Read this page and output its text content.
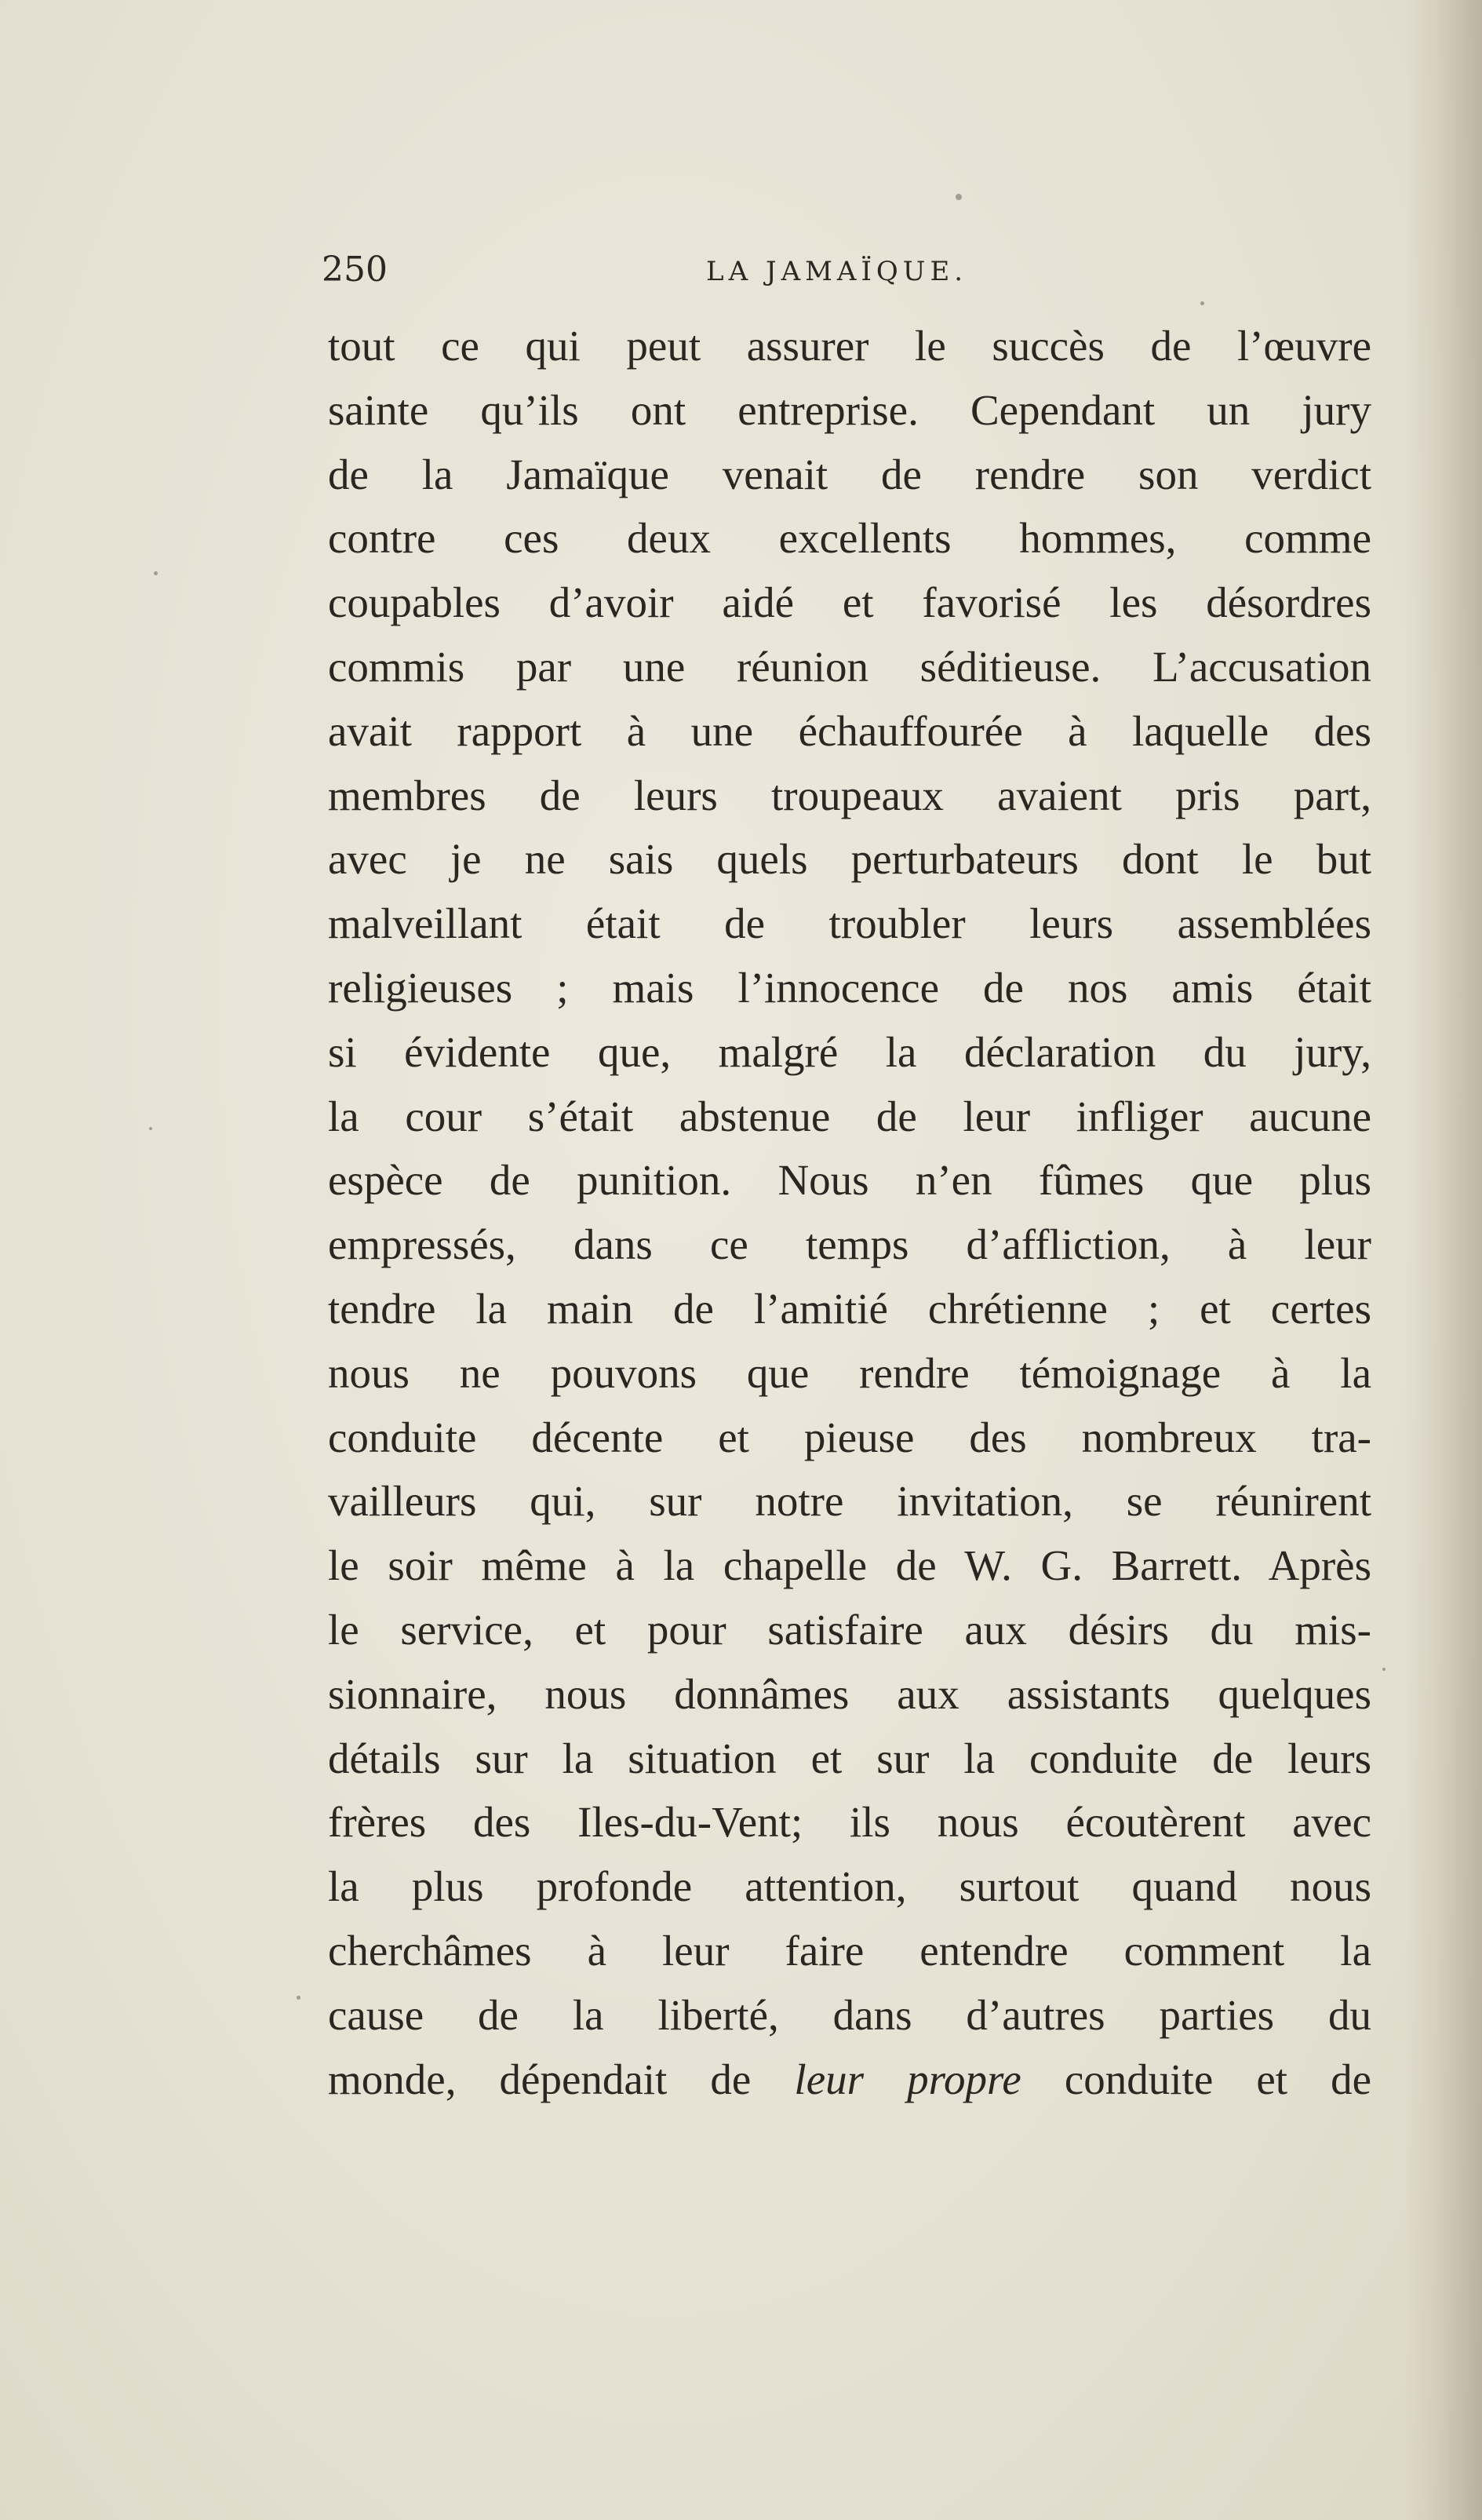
250	LA JAMAÏQUE.
tout ce qui peut assurer le succès de l’œuvre
sainte qu’ils ont entreprise. Cependant un jury
de la Jamaïque venait de rendre son verdict
contre ces deux excellents hommes, comme
coupables d’avoir aidé et favorisé les désordres
commis par une réunion séditieuse. L’accusation
avait rapport à une échauffourée à laquelle des
membres de leurs troupeaux avaient pris part,
avec je ne sais quels perturbateurs dont le but
malveillant était de troubler leurs assemblées
religieuses ; mais l’innocence de nos amis était
si évidente que, malgré la déclaration du jury,
la cour s’était abstenue de leur infliger aucune
espèce de punition. Nous n’en fûmes que plus
empressés, dans ce temps d’affliction, à leur
tendre la main de l’amitié chrétienne ; et certes
nous ne pouvons que rendre témoignage à la
conduite décente et pieuse des nombreux tra-
vailleurs qui, sur notre invitation, se réunirent
le soir même à la chapelle de W. G. Barrett. Après
le service, et pour satisfaire aux désirs du mis-
sionnaire, nous donnâmes aux assistants quelques
détails sur la situation et sur la conduite de leurs
frères des Iles-du-Vent; ils nous écoutèrent avec
la plus profonde attention, surtout quand nous
cherchâmes à leur faire entendre comment la
cause de la liberté, dans d’autres parties du
monde, dépendait de leur propre conduite et de
